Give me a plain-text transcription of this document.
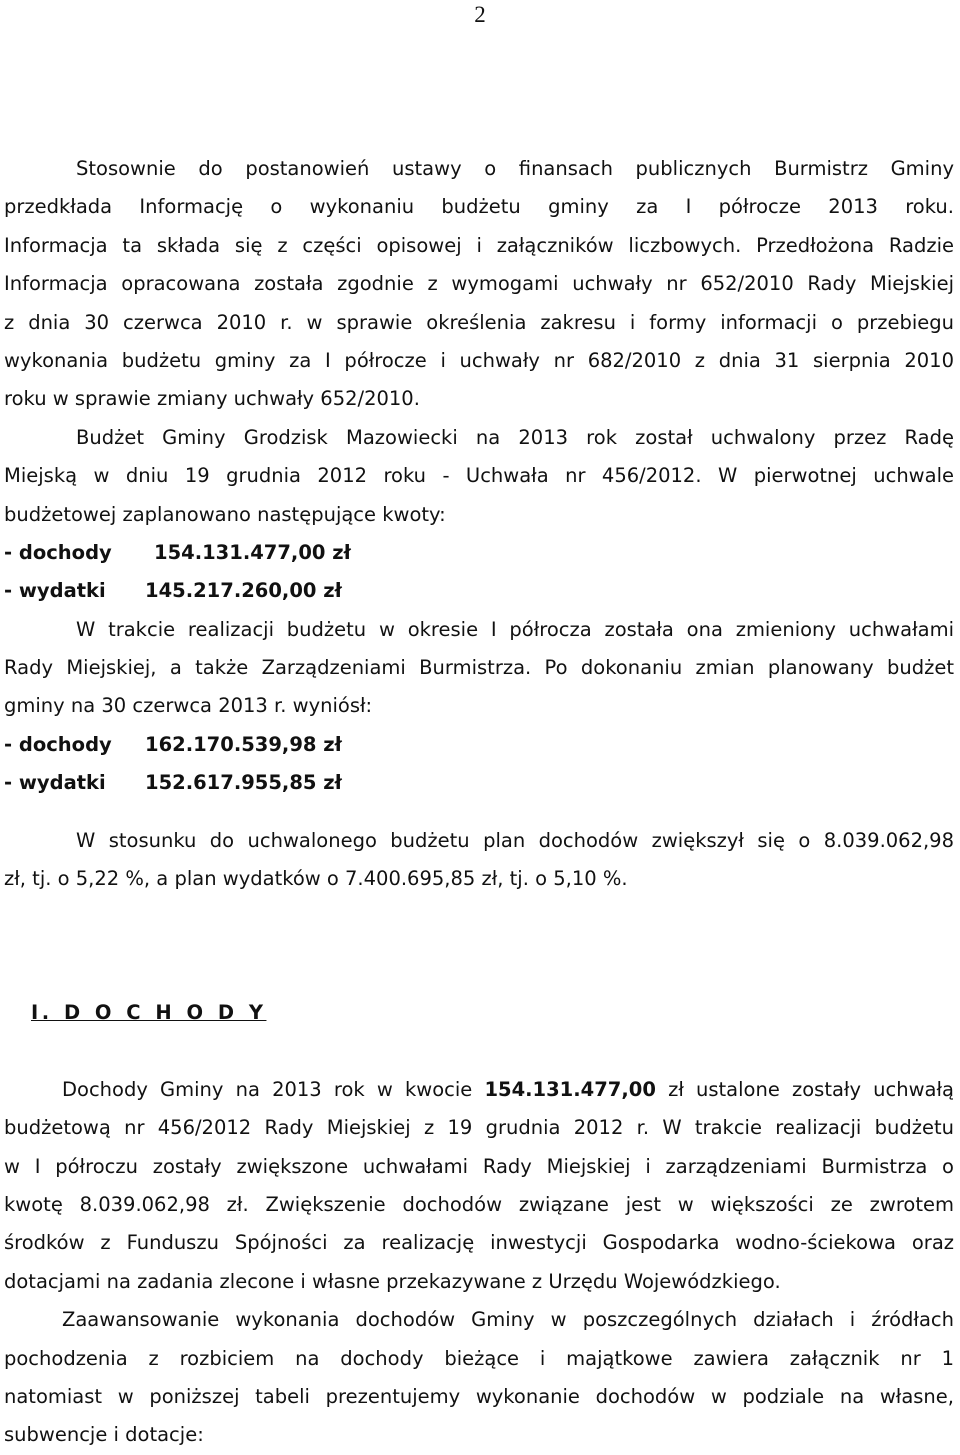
2
Stosownie do postanowień ustawy o finansach publicznych Burmistrz Gminy
przedkłada Informację o wykonaniu budżetu gminy za I półrocze 2013 roku.
Informacja ta składa się z części opisowej i załączników liczbowych. Przedłożona Radzie
Informacja opracowana została zgodnie z wymogami uchwały nr 652/2010 Rady Miejskiej
z dnia 30 czerwca 2010 r. w sprawie określenia zakresu i formy informacji o przebiegu
wykonania budżetu gminy za I półrocze i uchwały nr 682/2010 z dnia 31 sierpnia 2010
roku w sprawie zmiany uchwały 652/2010.
Budżet Gminy Grodzisk Mazowiecki na 2013 rok został uchwalony przez Radę
Miejską w dniu 19 grudnia 2012 roku - Uchwała nr 456/2012. W pierwotnej uchwale
budżetowej zaplanowano następujące kwoty:
- dochody 154.131.477,00 zł
- wydatki 145.217.260,00 zł
W trakcie realizacji budżetu w okresie I półrocza została ona zmieniony uchwałami
Rady Miejskiej, a także Zarządzeniami Burmistrza. Po dokonaniu zmian planowany budżet
gminy na 30 czerwca 2013 r. wyniósł:
- dochody 162.170.539,98 zł
- wydatki 152.617.955,85 zł
W stosunku do uchwalonego budżetu plan dochodów zwiększył się o 8.039.062,98
zł, tj. o 5,22 %, a plan wydatków o 7.400.695,85 zł, tj. o 5,10 %.
I. D O C H O D Y
Dochody Gminy na 2013 rok w kwocie 154.131.477,00 zł ustalone zostały uchwałą
budżetową nr 456/2012 Rady Miejskiej z 19 grudnia 2012 r. W trakcie realizacji budżetu
w I półroczu zostały zwiększone uchwałami Rady Miejskiej i zarządzeniami Burmistrza o
kwotę 8.039.062,98 zł. Zwiększenie dochodów związane jest w większości ze zwrotem
środków z Funduszu Spójności za realizację inwestycji Gospodarka wodno-ściekowa oraz
dotacjami na zadania zlecone i własne przekazywane z Urzędu Wojewódzkiego.
Zaawansowanie wykonania dochodów Gminy w poszczególnych działach i źródłach
pochodzenia z rozbiciem na dochody bieżące i majątkowe zawiera załącznik nr 1
natomiast w poniższej tabeli prezentujemy wykonanie dochodów w podziale na własne,
subwencje i dotacje:
